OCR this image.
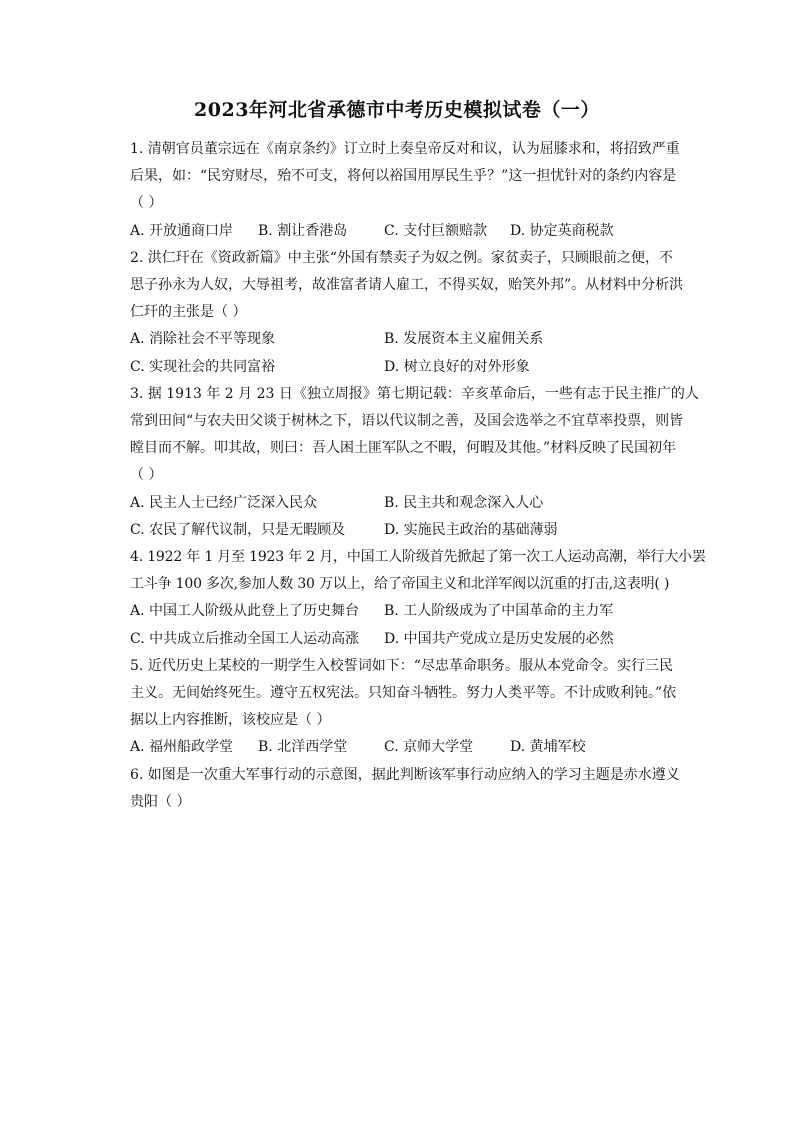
2023年河北省承德市中考历史模拟试卷（一）
1. 清朝官员董宗远在《南京条约》订立时上奏皇帝反对和议，认为屈膝求和，将招致严重
后果，如：“民穷财尽，殆不可支，将何以裕国用厚民生乎？”这一担忧针对的条约内容是
（ ）
A. 开放通商口岸	B. 割让香港岛	C. 支付巨额赔款	D. 协定英商税款
2. 洪仁玕在《资政新篇》中主张“外国有禁卖子为奴之例。家贫卖子，只顾眼前之便，不
思子孙永为人奴，大辱祖考，故准富者请人雇工，不得买奴，贻笑外邦”。从材料中分析洪
仁玕的主张是（ ）
A. 消除社会不平等现象	B. 发展资本主义雇佣关系
C. 实现社会的共同富裕	D. 树立良好的对外形象
3. 据 1913 年 2 月 23 日《独立周报》第七期记载：辛亥革命后，一些有志于民主推广的人
常到田间“与农夫田父谈于树林之下，语以代议制之善，及国会选举之不宜草率投票，则皆
瞠目而不解。叩其故，则曰：吾人困土匪军队之不暇，何暇及其他。”材料反映了民国初年
（ ）
A. 民主人士已经广泛深入民众	B. 民主共和观念深入人心
C. 农民了解代议制，只是无暇顾及	D. 实施民主政治的基础薄弱
4. 1922 年 1 月至 1923 年 2 月，中国工人阶级首先掀起了第一次工人运动高潮，举行大小罢
工斗争 100 多次,参加人数 30 万以上，给了帝国主义和北洋军阀以沉重的打击,这表明( )
A. 中国工人阶级从此登上了历史舞台	B. 工人阶级成为了中国革命的主力军
C. 中共成立后推动全国工人运动高涨	D. 中国共产党成立是历史发展的必然
5. 近代历史上某校的一期学生入校誓词如下：“尽忠革命职务。服从本党命令。实行三民
主义。无间始终死生。遵守五权宪法。只知奋斗牺牲。努力人类平等。不计成败利钝。”依
据以上内容推断，该校应是（ ）
A. 福州船政学堂	B. 北洋西学堂	C. 京师大学堂	D. 黄埔军校
6. 如图是一次重大军事行动的示意图，据此判断该军事行动应纳入的学习主题是赤水遵义
贵阳（ ）
